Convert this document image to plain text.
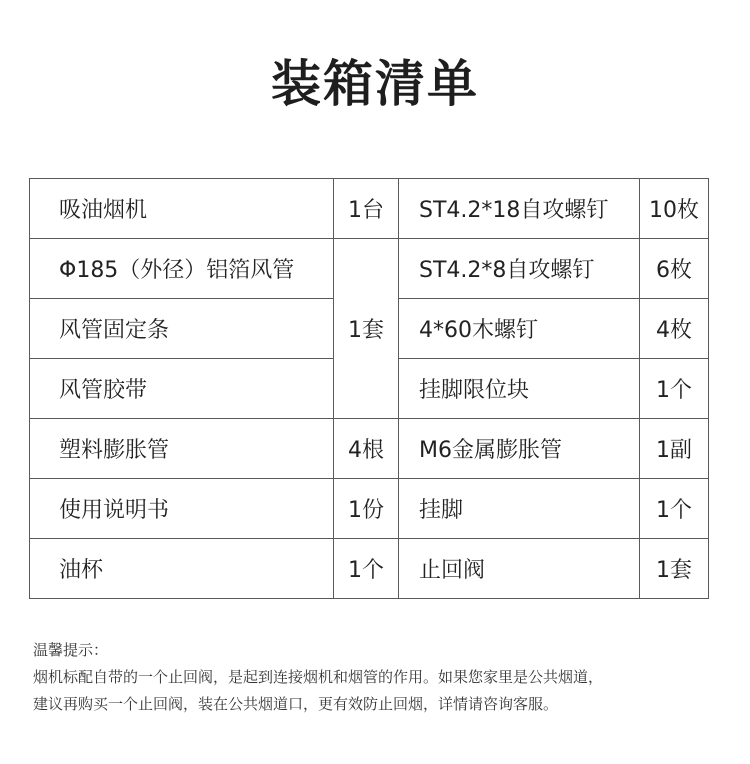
装箱清单
吸油烟机	1台	ST4.2*18自攻螺钉	10枚
Φ185（外径）铝箔风管	1套	ST4.2*8自攻螺钉	6枚
风管固定条		4*60木螺钉	4枚
风管胶带		挂脚限位块	1个
塑料膨胀管	4根	M6金属膨胀管	1副
使用说明书	1份	挂脚	1个
油杯	1个	止回阀	1套
温馨提示：
烟机标配自带的一个止回阀，是起到连接烟机和烟管的作用。如果您家里是公共烟道，
建议再购买一个止回阀，装在公共烟道口，更有效防止回烟，详情请咨询客服。
